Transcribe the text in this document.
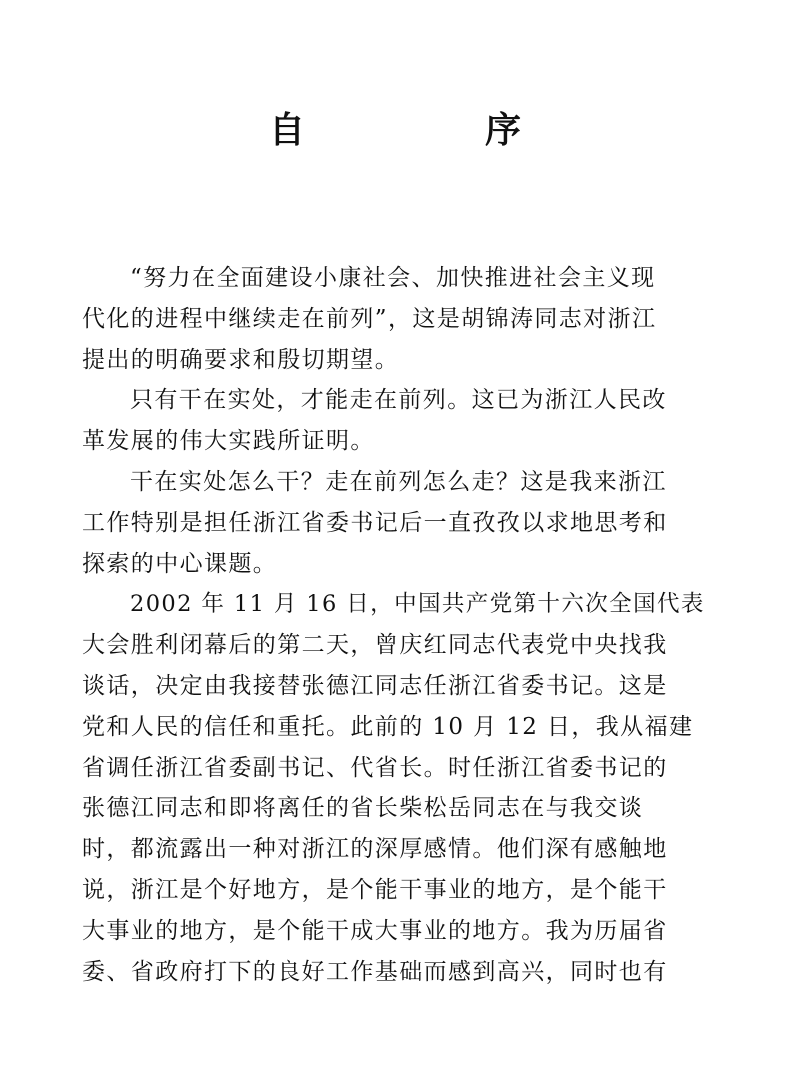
自　序
“努力在全面建设小康社会、加快推进社会主义现
代化的进程中继续走在前列”，这是胡锦涛同志对浙江
提出的明确要求和殷切期望。
只有干在实处，才能走在前列。这已为浙江人民改
革发展的伟大实践所证明。
干在实处怎么干？走在前列怎么走？这是我来浙江
工作特别是担任浙江省委书记后一直孜孜以求地思考和
探索的中心课题。
2002 年 11 月 16 日，中国共产党第十六次全国代表
大会胜利闭幕后的第二天，曾庆红同志代表党中央找我
谈话，决定由我接替张德江同志任浙江省委书记。这是
党和人民的信任和重托。此前的 10 月 12 日，我从福建
省调任浙江省委副书记、代省长。时任浙江省委书记的
张德江同志和即将离任的省长柴松岳同志在与我交谈
时，都流露出一种对浙江的深厚感情。他们深有感触地
说，浙江是个好地方，是个能干事业的地方，是个能干
大事业的地方，是个能干成大事业的地方。我为历届省
委、省政府打下的良好工作基础而感到高兴，同时也有
